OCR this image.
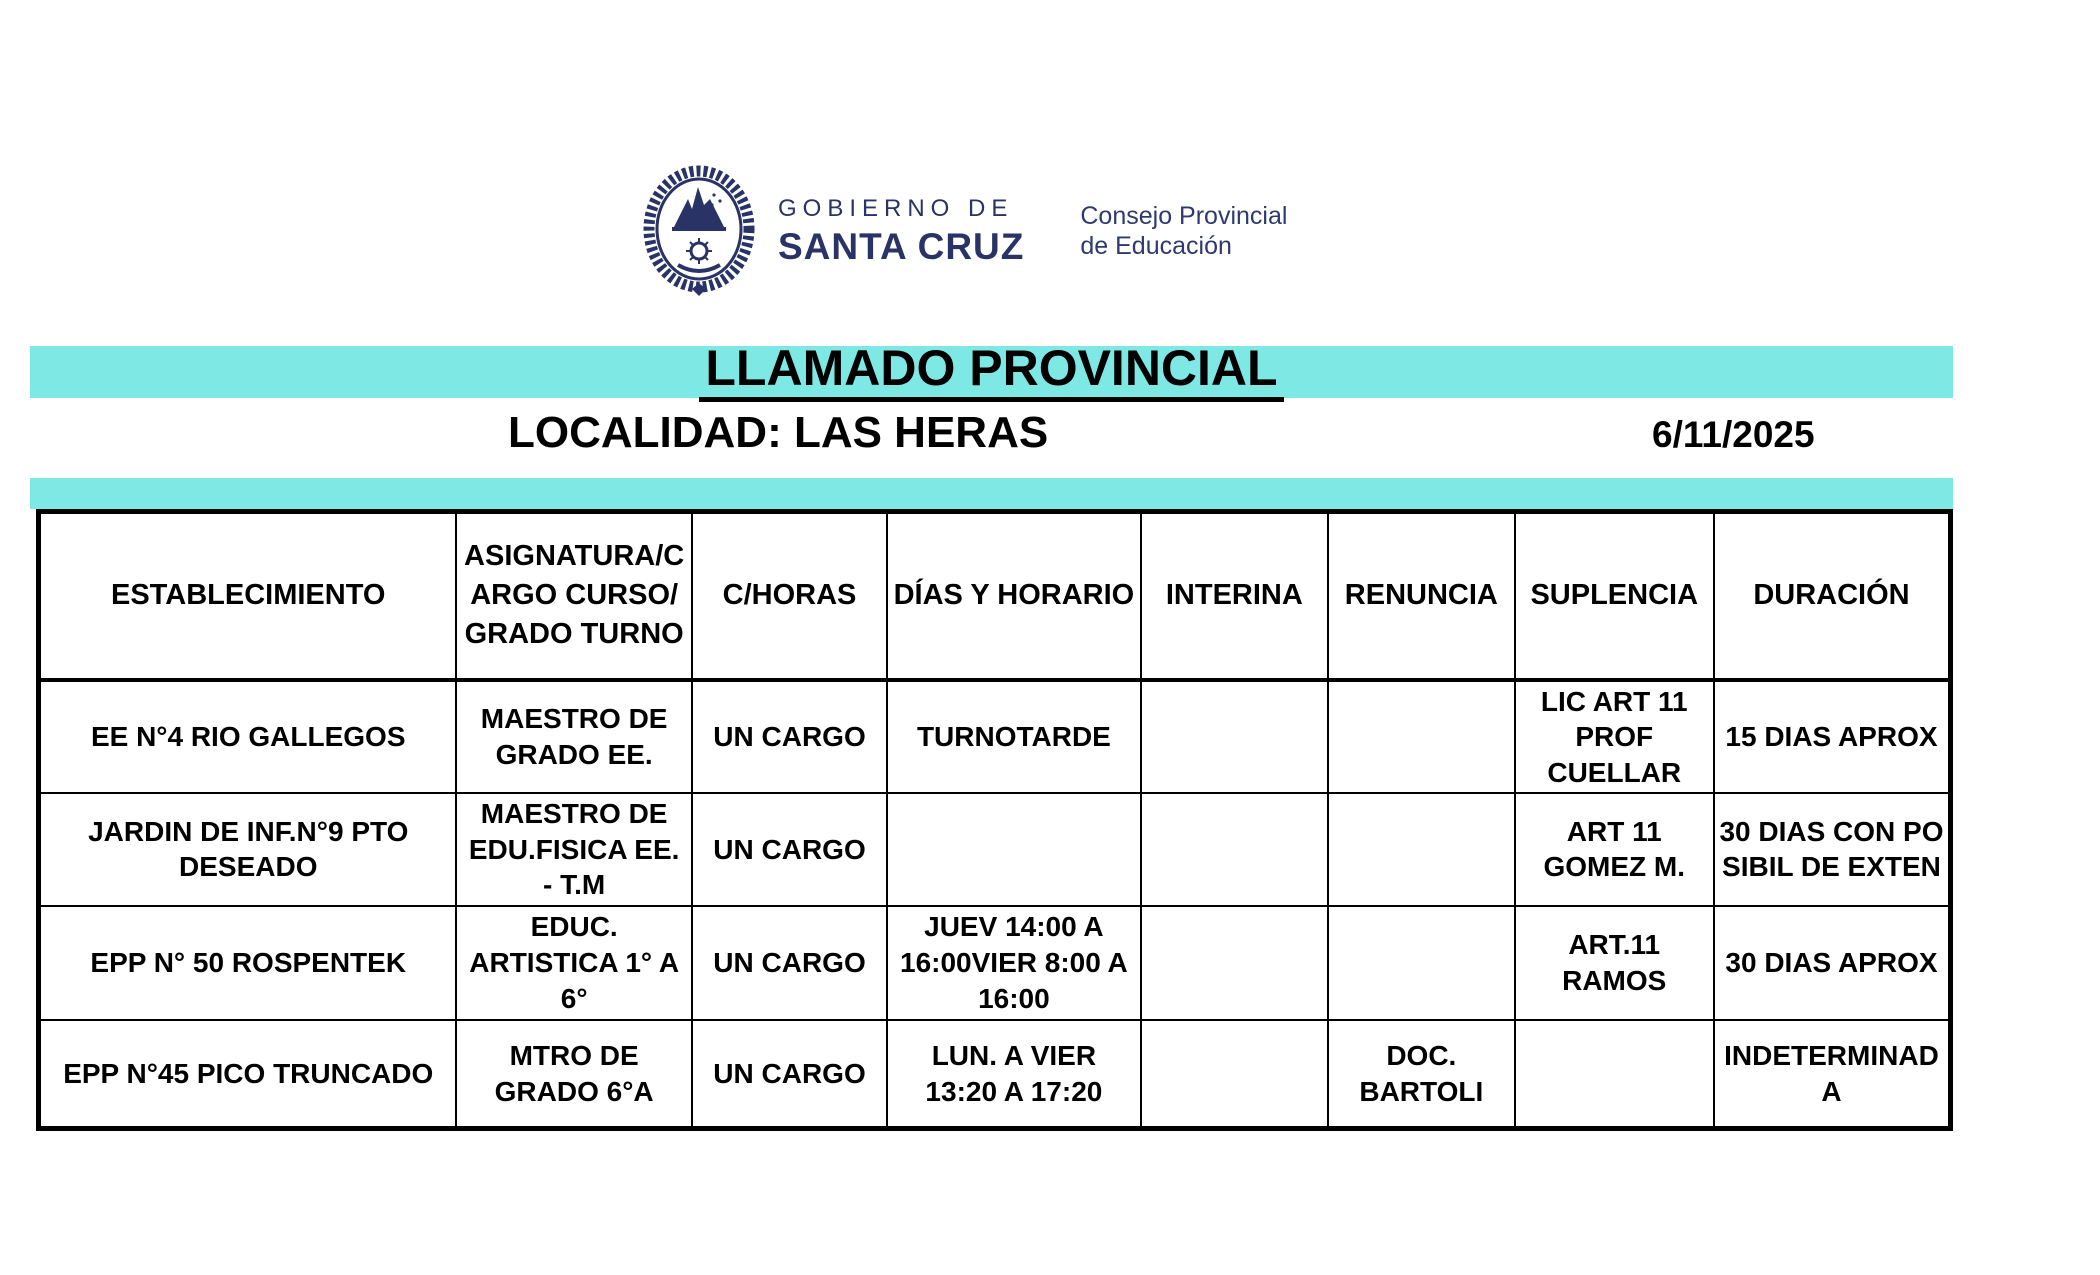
GOBIERNO DE
SANTA CRUZ
Consejo Provincial
de Educación
LLAMADO PROVINCIAL
LOCALIDAD: LAS HERAS	6/11/2025
ESTABLECIMIENTO	ASIGNATURA/CARGO CURSO/GRADO TURNO	C/HORAS	DÍAS Y HORARIO	INTERINA	RENUNCIA	SUPLENCIA	DURACIÓN
EE N°4 RIO GALLEGOS	MAESTRO DE GRADO EE.	UN CARGO	TURNOTARDE			LIC ART 11 PROF CUELLAR	15 DIAS APROX
JARDIN DE INF.N°9 PTO DESEADO	MAESTRO DE EDU.FISICA EE. - T.M	UN CARGO				ART 11 GOMEZ M.	30 DIAS CON POSIBIL DE EXTEN
EPP N° 50 ROSPENTEK	EDUC. ARTISTICA 1° A 6°	UN CARGO	JUEV 14:00 A 16:00VIER 8:00 A 16:00			ART.11 RAMOS	30 DIAS APROX
EPP N°45 PICO TRUNCADO	MTRO DE GRADO 6°A	UN CARGO	LUN. A VIER 13:20 A 17:20		DOC. BARTOLI		INDETERMINADA
